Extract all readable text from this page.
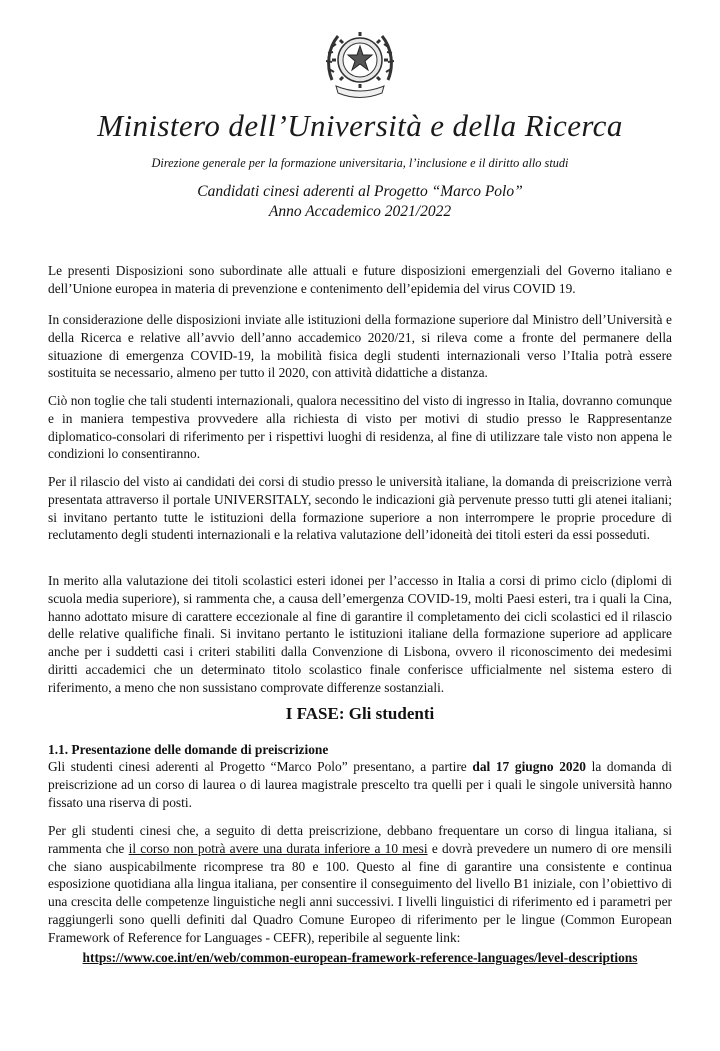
Ministero dell’Università e della Ricerca
Direzione generale per la formazione universitaria, l’inclusione e il diritto allo studi
Candidati cinesi aderenti al Progetto “Marco Polo”
Anno Accademico 2021/2022

Le presenti Disposizioni sono subordinate alle attuali e future disposizioni emergenziali del Governo italiano e dell’Unione europea in materia di prevenzione e contenimento dell’epidemia del virus COVID 19.

In considerazione delle disposizioni inviate alle istituzioni della formazione superiore dal Ministro dell’Università e della Ricerca e relative all’avvio dell’anno accademico 2020/21, si rileva come a fronte del permanere della situazione di emergenza COVID-19, la mobilità fisica degli studenti internazionali verso l’Italia potrà essere sostituita se necessario, almeno per tutto il 2020, con attività didattiche a distanza.

Ciò non toglie che tali studenti internazionali, qualora necessitino del visto di ingresso in Italia, dovranno comunque e in maniera tempestiva provvedere alla richiesta di visto per motivi di studio presso le Rappresentanze diplomatico-consolari di riferimento per i rispettivi luoghi di residenza, al fine di utilizzare tale visto non appena le condizioni lo consentiranno.

Per il rilascio del visto ai candidati dei corsi di studio presso le università italiane, la domanda di preiscrizione verrà presentata attraverso il portale UNIVERSITALY, secondo le indicazioni già pervenute presso tutti gli atenei italiani; si invitano pertanto tutte le istituzioni della formazione superiore a non interrompere le proprie procedure di reclutamento degli studenti internazionali e la relativa valutazione dell’idoneità dei titoli esteri da essi posseduti.

In merito alla valutazione dei titoli scolastici esteri idonei per l’accesso in Italia a corsi di primo ciclo (diplomi di scuola media superiore), si rammenta che, a causa dell’emergenza COVID-19, molti Paesi esteri, tra i quali la Cina, hanno adottato misure di carattere eccezionale al fine di garantire il completamento dei cicli scolastici ed il rilascio delle relative qualifiche finali. Si invitano pertanto le istituzioni italiane della formazione superiore ad applicare anche per i suddetti casi i criteri stabiliti dalla Convenzione di Lisbona, ovvero il riconoscimento dei medesimi diritti accademici che un determinato titolo scolastico finale conferisce ufficialmente nel sistema estero di riferimento, a meno che non sussistano comprovate differenze sostanziali.

I FASE: Gli studenti
1.1. Presentazione delle domande di preiscrizione

Gli studenti cinesi aderenti al Progetto “Marco Polo” presentano, a partire dal 17 giugno 2020 la domanda di preiscrizione ad un corso di laurea o di laurea magistrale prescelto tra quelli per i quali le singole università hanno fissato una riserva di posti.

Per gli studenti cinesi che, a seguito di detta preiscrizione, debbano frequentare un corso di lingua italiana, si rammenta che il corso non potrà avere una durata inferiore a 10 mesi e dovrà prevedere un numero di ore mensili che siano auspicabilmente ricomprese tra 80 e 100. Questo al fine di garantire una consistente e continua esposizione quotidiana alla lingua italiana, per consentire il conseguimento del livello B1 iniziale, con l’obiettivo di una crescita delle competenze linguistiche negli anni successivi. I livelli linguistici di riferimento ed i parametri per raggiungerli sono quelli definiti dal Quadro Comune Europeo di riferimento per le lingue (Common European Framework of Reference for Languages - CEFR), reperibile al seguente link:

https://www.coe.int/en/web/common-european-framework-reference-languages/level-descriptions
